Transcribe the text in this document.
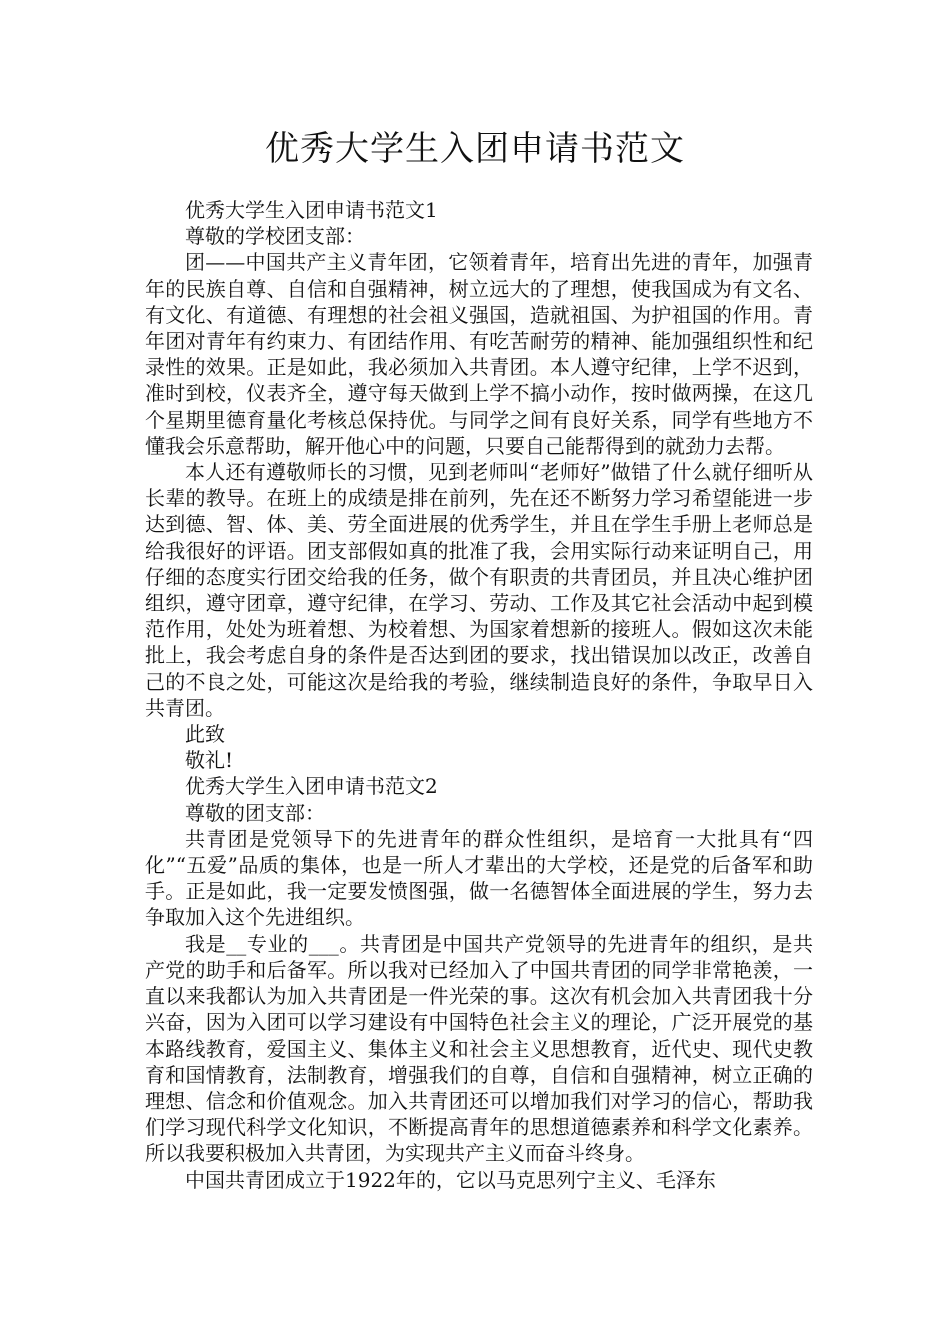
优秀大学生入团申请书范文

优秀大学生入团申请书范文1

尊敬的学校团支部：

团——中国共产主义青年团，它领着青年，培育出先进的青年，加强青年的民族自尊、自信和自强精神，树立远大的了理想，使我国成为有文名、有文化、有道德、有理想的社会祖义强国，造就祖国、为护祖国的作用。青年团对青年有约束力、有团结作用、有吃苦耐劳的精神、能加强组织性和纪录性的效果。正是如此，我必须加入共青团。本人遵守纪律，上学不迟到，准时到校，仪表齐全，遵守每天做到上学不搞小动作，按时做两操，在这几个星期里德育量化考核总保持优。与同学之间有良好关系，同学有些地方不懂我会乐意帮助，解开他心中的问题，只要自己能帮得到的就劲力去帮。

本人还有遵敬师长的习惯，见到老师叫“老师好”做错了什么就仔细听从长辈的教导。在班上的成绩是排在前列，先在还不断努力学习希望能进一步达到德、智、体、美、劳全面进展的优秀学生，并且在学生手册上老师总是给我很好的评语。团支部假如真的批准了我，会用实际行动来证明自己，用仔细的态度实行团交给我的任务，做个有职责的共青团员，并且决心维护团组织，遵守团章，遵守纪律，在学习、劳动、工作及其它社会活动中起到模范作用，处处为班着想、为校着想、为国家着想新的接班人。假如这次未能批上，我会考虑自身的条件是否达到团的要求，找出错误加以改正，改善自己的不良之处，可能这次是给我的考验，继续制造良好的条件，争取早日入共青团。

此致

敬礼!

优秀大学生入团申请书范文2

尊敬的团支部：

共青团是党领导下的先进青年的群众性组织，是培育一大批具有“四化”“五爱”品质的集体，也是一所人才辈出的大学校，还是党的后备军和助手。正是如此，我一定要发愤图强，做一名德智体全面进展的学生，努力去争取加入这个先进组织。

我是__专业的___。共青团是中国共产党领导的先进青年的组织，是共产党的助手和后备军。所以我对已经加入了中国共青团的同学非常艳羡，一直以来我都认为加入共青团是一件光荣的事。这次有机会加入共青团我十分兴奋，因为入团可以学习建设有中国特色社会主义的理论，广泛开展党的基本路线教育，爱国主义、集体主义和社会主义思想教育，近代史、现代史教育和国情教育，法制教育，增强我们的自尊，自信和自强精神，树立正确的理想、信念和价值观念。加入共青团还可以增加我们对学习的信心，帮助我们学习现代科学文化知识，不断提高青年的思想道德素养和科学文化素养。所以我要积极加入共青团，为实现共产主义而奋斗终身。

中国共青团成立于1922年的，它以马克思列宁主义、毛泽东
